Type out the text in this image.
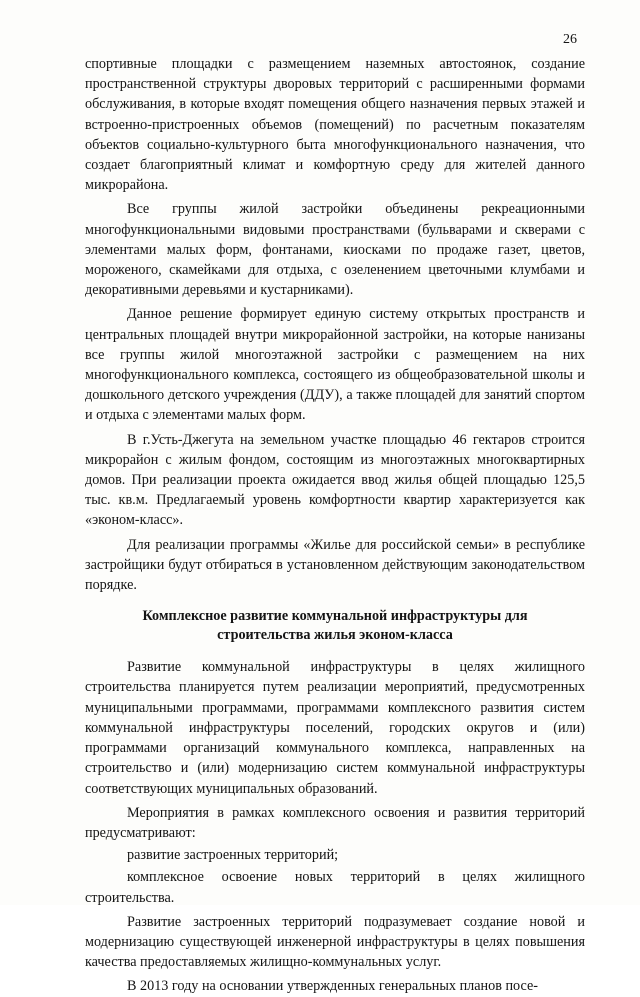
26

спортивные площадки с размещением наземных автостоянок, создание пространственной структуры дворовых территорий с расширенными формами обслуживания, в которые входят помещения общего назначения первых этажей и встроенно-пристроенных объемов (помещений) по расчетным показателям объектов социально-культурного быта многофункционального назначения, что создает благоприятный климат и комфортную среду для жителей данного микрорайона.

Все группы жилой застройки объединены рекреационными многофункциональными видовыми пространствами (бульварами и скверами с элементами малых форм, фонтанами, киосками по продаже газет, цветов, мороженого, скамейками для отдыха, с озеленением цветочными клумбами и декоративными деревьями и кустарниками).

Данное решение формирует единую систему открытых пространств и центральных площадей внутри микрорайонной застройки, на которые нанизаны все группы жилой многоэтажной застройки с размещением на них многофункционального комплекса, состоящего из общеобразовательной школы и дошкольного детского учреждения (ДДУ), а также площадей для занятий спортом и отдыха с элементами малых форм.

В г.Усть-Джегута на земельном участке площадью 46 гектаров строится микрорайон с жилым фондом, состоящим из многоэтажных многоквартирных домов. При реализации проекта ожидается ввод жилья общей площадью 125,5 тыс. кв.м. Предлагаемый уровень комфортности квартир характеризуется как «эконом-класс».

Для реализации программы «Жилье для российской семьи» в республике застройщики будут отбираться в установленном действующим законодательством порядке.

Комплексное развитие коммунальной инфраструктуры для
строительства жилья эконом-класса

Развитие коммунальной инфраструктуры в целях жилищного строительства планируется путем реализации мероприятий, предусмотренных муниципальными программами, программами комплексного развития систем коммунальной инфраструктуры поселений, городских округов и (или) программами организаций коммунального комплекса, направленных на строительство и (или) модернизацию систем коммунальной инфраструктуры соответствующих муниципальных образований.

Мероприятия в рамках комплексного освоения и развития территорий предусматривают:

развитие застроенных территорий;

комплексное освоение новых территорий в целях жилищного строительства.

Развитие застроенных территорий подразумевает создание новой и модернизацию существующей инженерной инфраструктуры в целях повышения качества предоставляемых жилищно-коммунальных услуг.

В 2013 году на основании утвержденных генеральных планов посе-
